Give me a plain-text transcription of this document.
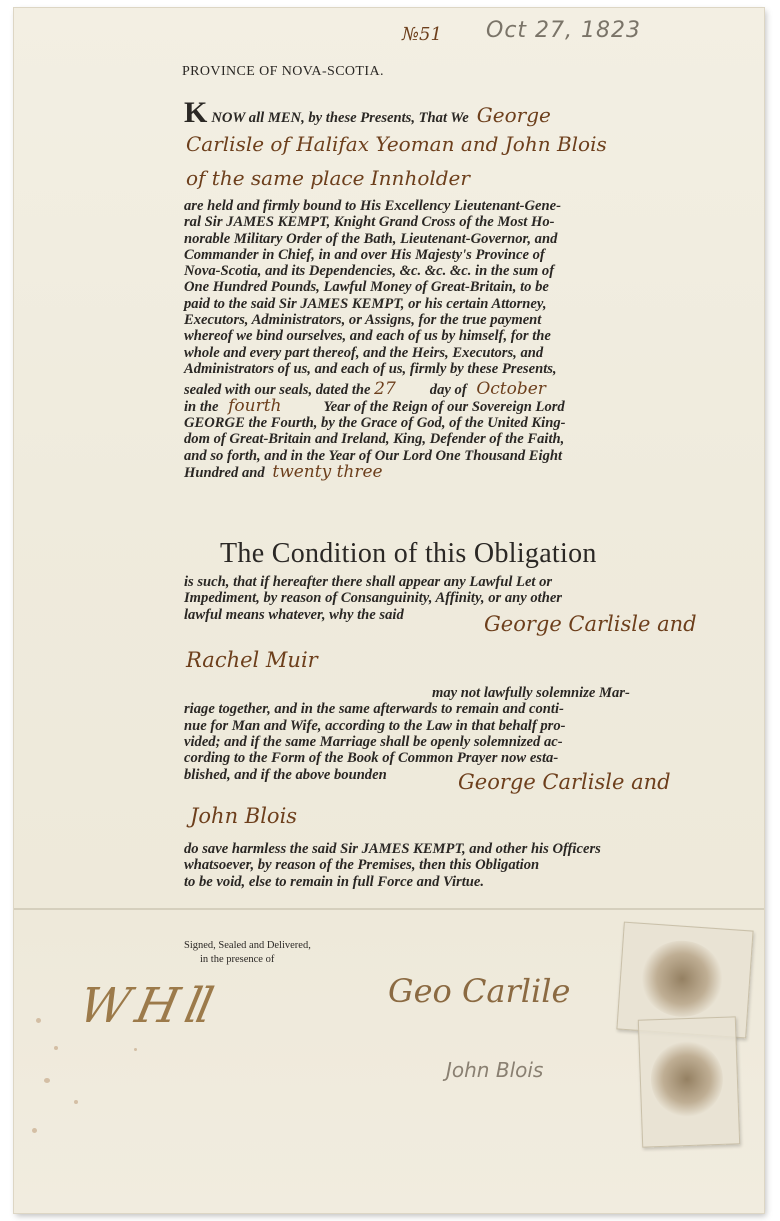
№51 Oct 27, 1823
PROVINCE OF NOVA-SCOTIA.
K NOW all MEN, by these Presents, That We George
Carlisle of Halifax Yeoman and John Blois
of the same place Innholder
are held and firmly bound to His Excellency Lieutenant-Gene-
ral Sir JAMES KEMPT, Knight Grand Cross of the Most Ho-
norable Military Order of the Bath, Lieutenant-Governor, and
Commander in Chief, in and over His Majesty's Province of
Nova-Scotia, and its Dependencies, &c. &c. &c. in the sum of
One Hundred Pounds, Lawful Money of Great-Britain, to be
paid to the said Sir JAMES KEMPT, or his certain Attorney,
Executors, Administrators, or Assigns, for the true payment
whereof we bind ourselves, and each of us by himself, for the
whole and every part thereof, and the Heirs, Executors, and
Administrators of us, and each of us, firmly by these Presents,
sealed with our seals, dated the 27 day of October
in the fourth	Year of the Reign of our Sovereign Lord
GEORGE the Fourth, by the Grace of God, of the United King-
dom of Great-Britain and Ireland, King, Defender of the Faith,
and so forth, and in the Year of Our Lord One Thousand Eight
Hundred and twenty three
The Condition of this Obligation
is such, that if hereafter there shall appear any Lawful Let or
Impediment, by reason of Consanguinity, Affinity, or any other
lawful means whatever, why the said	George Carlisle and
Rachel Muir
may not lawfully solemnize Mar-
riage together, and in the same afterwards to remain and conti-
nue for Man and Wife, according to the Law in that behalf pro-
vided; and if the same Marriage shall be openly solemnized ac-
cording to the Form of the Book of Common Prayer now esta-
blished, and if the above bounden	George Carlisle and
John Blois
do save harmless the said Sir JAMES KEMPT, and other his Officers
whatsoever, by reason of the Premises, then this Obligation
to be void, else to remain in full Force and Virtue.
Signed, Sealed and Delivered,
in the presence of
W H ll	Geo Carlile
John Blois
